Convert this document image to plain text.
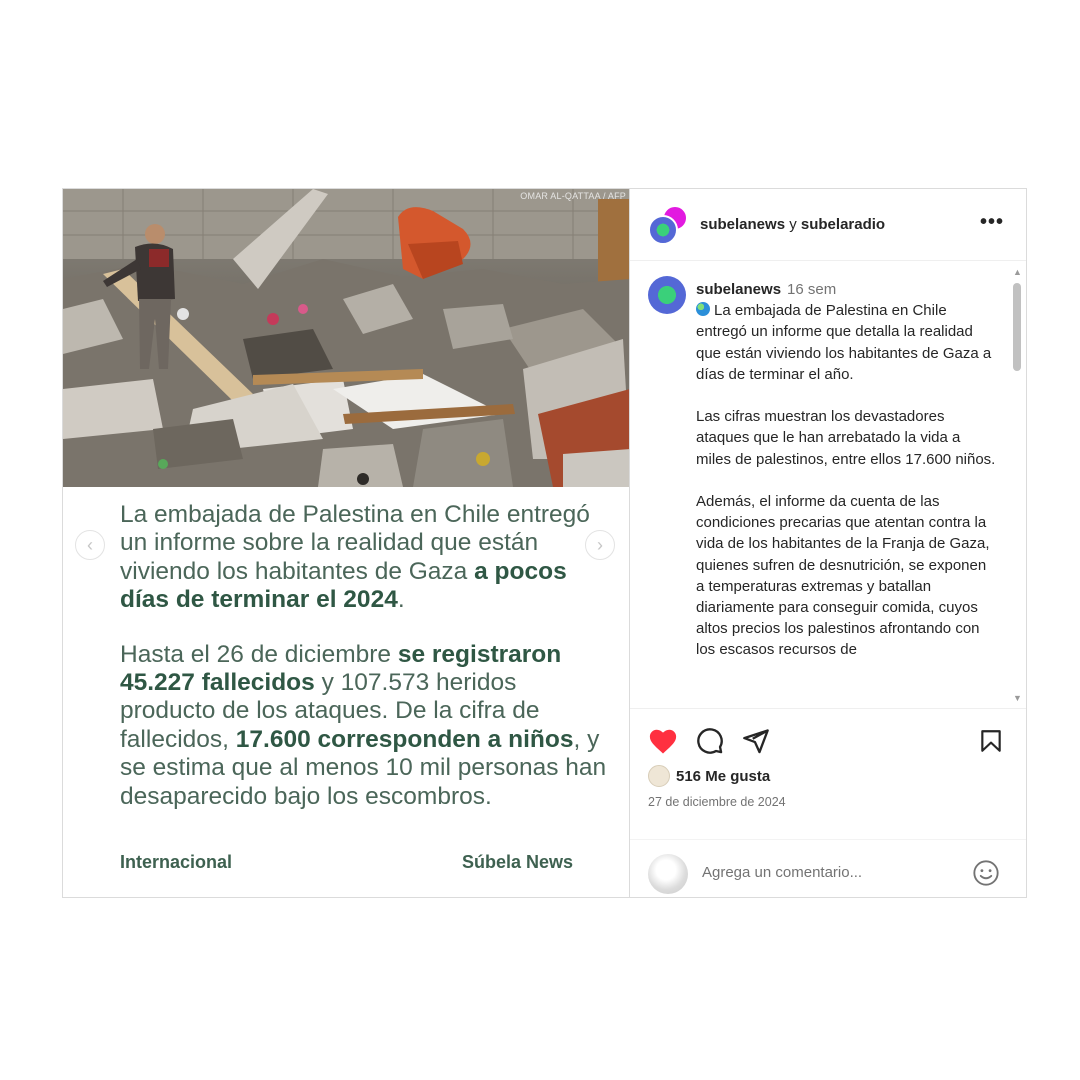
OMAR AL-QATTAA / AFP
‹	›

La embajada de Palestina en Chile entregó un informe sobre la realidad que están viviendo los habitantes de Gaza a pocos días de terminar el 2024.

Hasta el 26 de diciembre se registraron 45.227 fallecidos y 107.573 heridos producto de los ataques. De la cifra de fallecidos, 17.600 corresponden a niños, y se estima que al menos 10 mil personas han desaparecido bajo los escombros.

Internacional	Súbela News
subelanews y subelaradio	•••
subelanews 16 sem

La embajada de Palestina en Chile entregó un informe que detalla la realidad que están viviendo los habitantes de Gaza a días de terminar el año.

Las cifras muestran los devastadores ataques que le han arrebatado la vida a miles de palestinos, entre ellos 17.600 niños.

Además, el informe da cuenta de las condiciones precarias que atentan contra la vida de los habitantes de la Franja de Gaza, quienes sufren de desnutrición, se exponen a temperaturas extremas y batallan diariamente para conseguir comida, cuyos altos precios los palestinos afrontando con los escasos recursos de

▲
▼
516 Me gusta
27 de diciembre de 2024
Agrega un comentario...
